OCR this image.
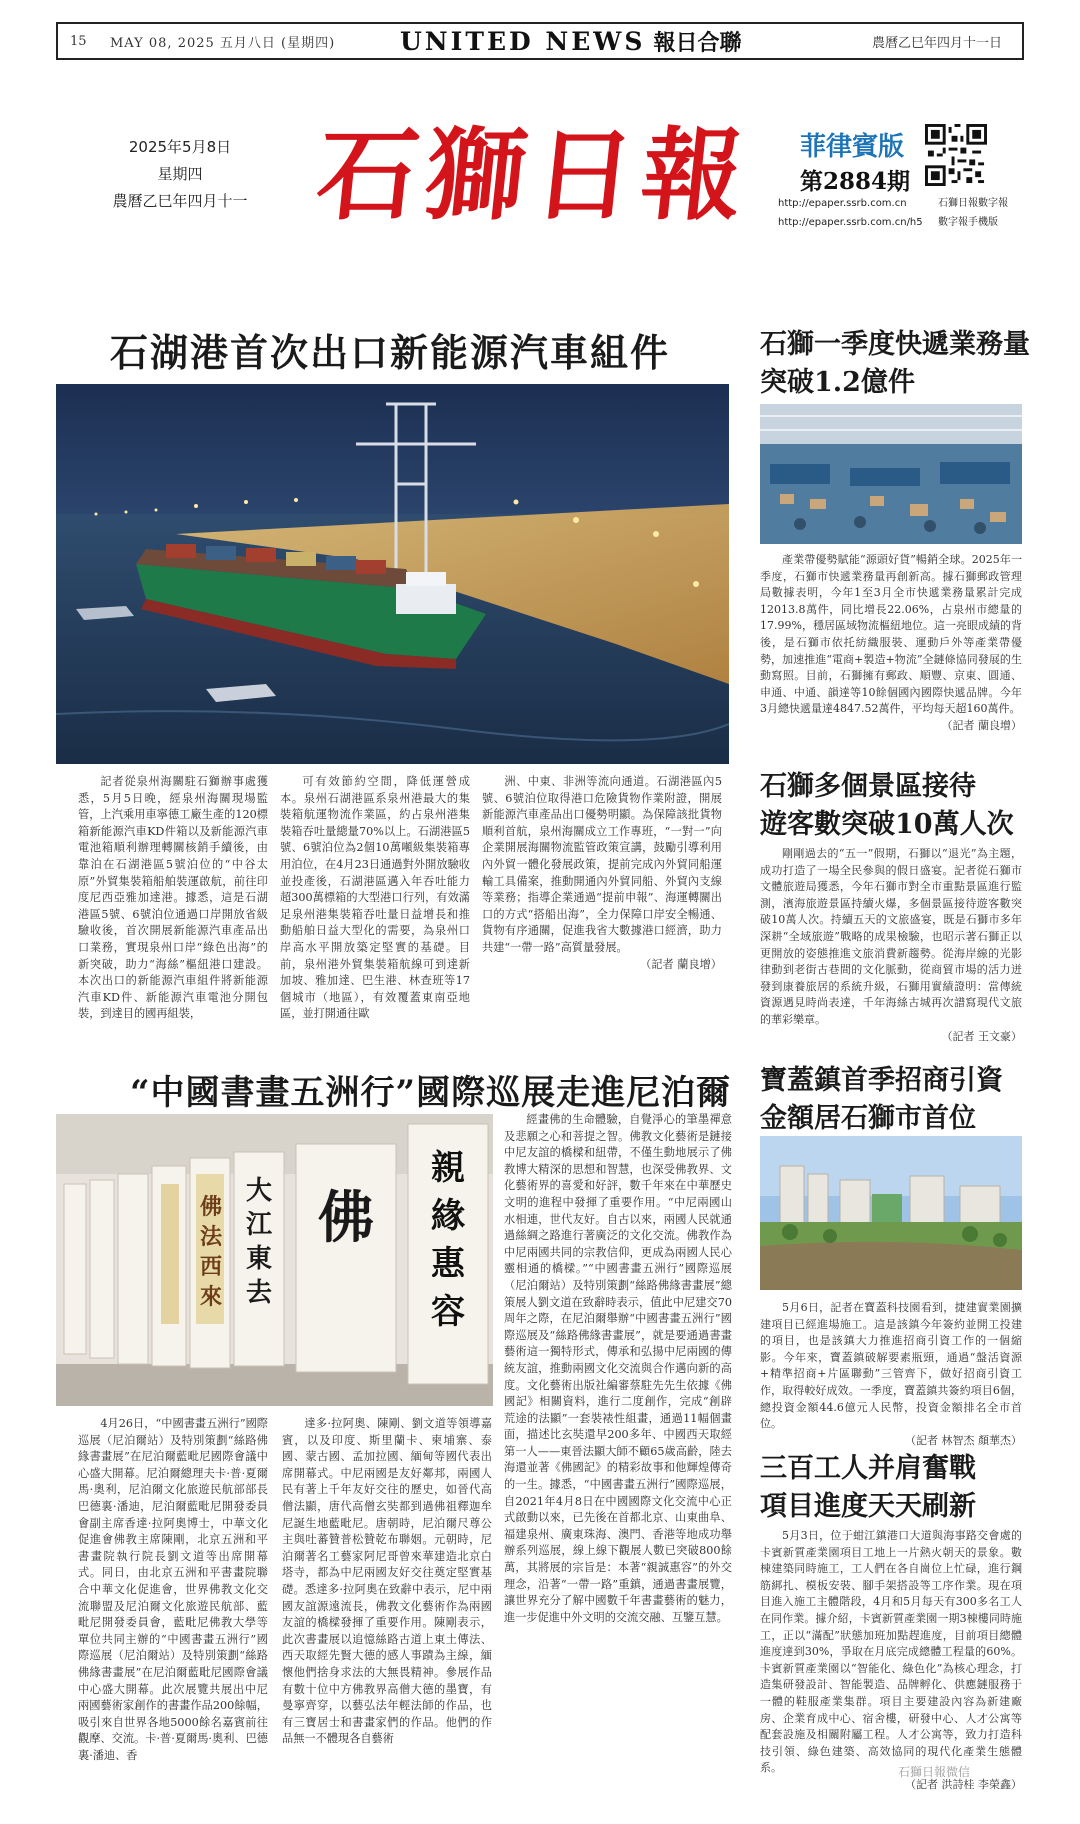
15	MAY 08, 2025 五月八日 (星期四)	UNITED NEWS 報日合聯	農曆乙巳年四月十一日
2025年5月8日
星期四
農曆乙巳年四月十一 石獅日報 菲律賓版
第2884期
http://epaper.ssrb.com.cn	石獅日報數字報
http://epaper.ssrb.com.cn/h5 數字報手機版
石湖港首次出口新能源汽車組件

記者從泉州海關駐石獅辦事處獲悉，5月5日晚，經泉州海關現場監管，上汽乘用車寧德工廠生產的120標箱新能源汽車KD件箱以及新能源汽車電池箱順利辦理轉關核銷手續後，由靠泊在石湖港區5號泊位的“中谷太原”外貿集裝箱船舶裝運啟航，前往印度尼西亞雅加達港。據悉，這是石湖港區5號、6號泊位通過口岸開放省級驗收後，首次開展新能源汽車產品出口業務，實現泉州口岸“綠色出海”的新突破，助力“海絲”樞紐港口建設。本次出口的新能源汽車組件將新能源汽車KD件、新能源汽車電池分開包裝，到達目的國再組裝，

可有效節約空間，降低運營成本。泉州石湖港區系泉州港最大的集裝箱航運物流作業區，約占泉州港集裝箱吞吐量總量70%以上。石湖港區5號、6號泊位為2個10萬噸級集裝箱專用泊位，在4月23日通過對外開放驗收並投產後，石湖港區邁入年吞吐能力超300萬標箱的大型港口行列，有效滿足泉州港集裝箱吞吐量日益增長和推動船舶日益大型化的需要，為泉州口岸高水平開放築定堅實的基礎。目前，泉州港外貿集裝箱航線可到達新加坡、雅加達、巴生港、林查班等17個城市（地區），有效覆蓋東南亞地區，並打開通往歐

洲、中東、非洲等流向通道。石湖港區內5號、6號泊位取得港口危險貨物作業附證，開展新能源汽車產品出口優勢明顯。為保障該批貨物順利首航，泉州海關成立工作專班，“一對一”向企業開展海關物流監管政策宣講，鼓勵引導利用內外貿一體化發展政策，提前完成內外貿同船運輸工具備案，推動開通內外貿同船、外貿內支線等業務；指導企業通過“提前申報”、海運轉關出口的方式“搭船出海”，全力保障口岸安全暢通、貨物有序通關，促進我省大數據港口經濟，助力共建“一帶一路”高質量發展。

（記者 蘭良增）
“中國書畫五洲行”國際巡展走進尼泊爾
親
緣
惠
容
佛
大
江
東
去
佛
法
西
來

4月26日，“中國書畫五洲行”國際巡展（尼泊爾站）及特別策劃“絲路佛緣書畫展”在尼泊爾藍毗尼國際會議中心盛大開幕。尼泊爾總理夫卡·普·夏爾馬·奧利，尼泊爾文化旅遊民航部部長巴德裏·潘迪，尼泊爾藍毗尼開發委員會副主席香達·拉阿奧博士，中華文化促進會佛教主席陳剛，北京五洲和平書畫院執行院長劉文道等出席開幕式。同日，由北京五洲和平書畫院聯合中華文化促進會，世界佛教文化交流聯盟及尼泊爾文化旅遊民航部、藍毗尼開發委員會，藍毗尼佛教大學等單位共同主辦的“中國書畫五洲行”國際巡展（尼泊爾站）及特別策劃“絲路佛緣書畫展”在尼泊爾藍毗尼國際會議中心盛大開幕。此次展覽共展出中尼兩國藝術家創作的書畫作品200餘幅，吸引來自世界各地5000餘名嘉賓前往觀摩、交流。卡·普·夏爾馬·奧利、巴德裏·潘迪、香

達多·拉阿奧、陳剛、劉文道等領導嘉賓，以及印度、斯里蘭卡、柬埔寨、泰國、蒙古國、孟加拉國、緬甸等國代表出席開幕式。中尼兩國是友好鄰邦，兩國人民有著上千年友好交往的歷史，如晉代高僧法顯，唐代高僧玄奘都到過佛祖釋迦牟尼誕生地藍毗尼。唐朝時，尼泊爾尺尊公主與吐蕃贊普松贊乾布聯姻。元朝時，尼泊爾著名工藝家阿尼哥曾來華建造北京白塔寺，都為中尼兩國友好交往奠定堅實基礎。悉達多·拉阿奧在致辭中表示，尼中兩國友誼源遠流長，佛教文化藝術作為兩國友誼的橋樑發揮了重要作用。陳剛表示，此次書畫展以追憶絲路古道上東土傳法、西天取經先賢大德的感人事蹟為主線，緬懷他們捨身求法的大無畏精神。參展作品有數十位中方佛教界高僧大德的墨寶，有曼寧齊穿，以藝弘法年輕法師的作品，也有三寶居士和書畫家們的作品。他們的作品無一不體現各自藝術

經畫佛的生命體驗，自覺淨心的筆墨禪意及悲願之心和菩提之智。佛教文化藝術是鏈接中尼友誼的橋樑和紐帶，不僅生動地展示了佛教博大精深的思想和智慧，也深受佛教界、文化藝術界的喜愛和好評，數千年來在中華歷史文明的進程中發揮了重要作用。“中尼兩國山水相連，世代友好。自古以來，兩國人民就通過絲綢之路進行著廣泛的文化交流。佛教作為中尼兩國共同的宗教信仰，更成為兩國人民心靈相通的橋樑。”“中國書畫五洲行”國際巡展（尼泊爾站）及特別策劃“絲路佛緣書畫展”總策展人劉文道在致辭時表示，值此中尼建交70周年之際，在尼泊爾舉辦“中國書畫五洲行”國際巡展及“絲路佛緣書畫展”，就是要通過書畫藝術這一獨特形式，傳承和弘揚中尼兩國的傳統友誼，推動兩國文化交流與合作邁向新的高度。文化藝術出版社編審蔡駐先先生依據《佛國記》相關資料，進行二度創作，完成“創辟荒途的法顯”一套裝裱性組畫，通過11幅個畫面，描述比玄奘還早200多年、中國西天取經第一人——東晉法顯大師不顧65歲高齡，陸去海還並著《佛國記》的精彩故事和他輝煌傳奇的一生。據悉，“中國書畫五洲行”國際巡展，自2021年4月8日在中國國際文化交流中心正式啟動以來，已先後在首都北京、山東曲阜、福建泉州、廣東珠海、澳門、香港等地成功舉辦系列巡展，線上線下觀展人數已突破800餘萬，其將展的宗旨是：本著“親誠惠容”的外交理念，沿著“一帶一路”重鎮，通過書畫展覽，讓世界充分了解中國數千年書畫藝術的魅力，進一步促進中外文明的交流交融、互鑒互慧。

石獅一季度快遞業務量
突破1.2億件

產業帶優勢賦能“源頭好貨”暢銷全球。2025年一季度，石獅市快遞業務量再創新高。據石獅郵政管理局數據表明，今年1至3月全市快遞業務量累計完成12013.8萬件，同比增長22.06%，占泉州市總量的17.99%，穩居區域物流樞紐地位。這一亮眼成績的背後，是石獅市依托紡織服裝、運動戶外等產業帶優勢，加速推進“電商+製造+物流”全鏈條協同發展的生動寫照。目前，石獅擁有郵政、順豐、京東、圓通、申通、中通、韻達等10餘個國內國際快遞品牌。今年3月總快遞量達4847.52萬件，平均每天超160萬件。

（記者 蘭良增）
石獅多個景區接待
遊客數突破10萬人次

剛剛過去的“五一”假期，石獅以“退光”為主題，成功打造了一場全民參與的假日盛宴。記者從石獅市文體旅遊局獲悉，今年石獅市對全市重點景區進行監測，濱海旅遊景區持續火爆，多個景區接待遊客數突破10萬人次。持續五天的文旅盛宴，既是石獅市多年深耕“全域旅遊”戰略的成果檢驗，也昭示著石獅正以更開放的姿態推進文旅消費新趨勢。從海岸線的光影律動到老街古巷間的文化脈動，從商貿市場的活力迸發到康養旅居的系統升級，石獅用實績證明：當傳統資源遇見時尚表達，千年海絲古城再次譜寫現代文旅的華彩樂章。

（記者 王文豪）
寶蓋鎮首季招商引資
金額居石獅市首位

5月6日，記者在寶蓋科技園看到，捷建實業園擴建項目已經進場施工。這是該鎮今年簽約並開工投建的項目，也是該鎮大力推進招商引資工作的一個縮影。今年來，寶蓋鎮破解要素瓶頸，通過“盤活資源+精準招商+片區聯動”三管齊下，做好招商引資工作，取得較好成效。一季度，寶蓋鎮共簽約項目6個，總投資金額44.6億元人民幣，投資金額排名全市首位。

（記者 林智杰 顏華杰）
三百工人并肩奮戰
項目進度天天刷新

5月3日，位于蚶江鎮港口大道與海事路交會處的卡賓新質產業園項目工地上一片熱火朝天的景象。數棟建築同時施工，工人們在各自崗位上忙碌，進行鋼筋綁扎、模板安裝、腳手架搭設等工序作業。現在項目進入施工主體階段，4月和5月每天有300多名工人在同作業。據介紹，卡賓新質產業園一期3棟樓同時施工，正以“滿配”狀態加班加點趕進度，目前項目總體進度達到30%，爭取在月底完成總體工程量的60%。卡賓新質產業園以“智能化、綠色化”為核心理念，打造集研發設計、智能製造、品牌孵化、供應鏈服務于一體的鞋服產業集群。項目主要建設內容為新建廠房、企業育成中心、宿舍樓，研發中心、人才公寓等配套設施及相關附屬工程。人才公寓等，致力打造科技引領、綠色建築、高效協同的現代化產業生態體系。

（記者 洪詩桂 李榮鑫）
石獅日報微信
